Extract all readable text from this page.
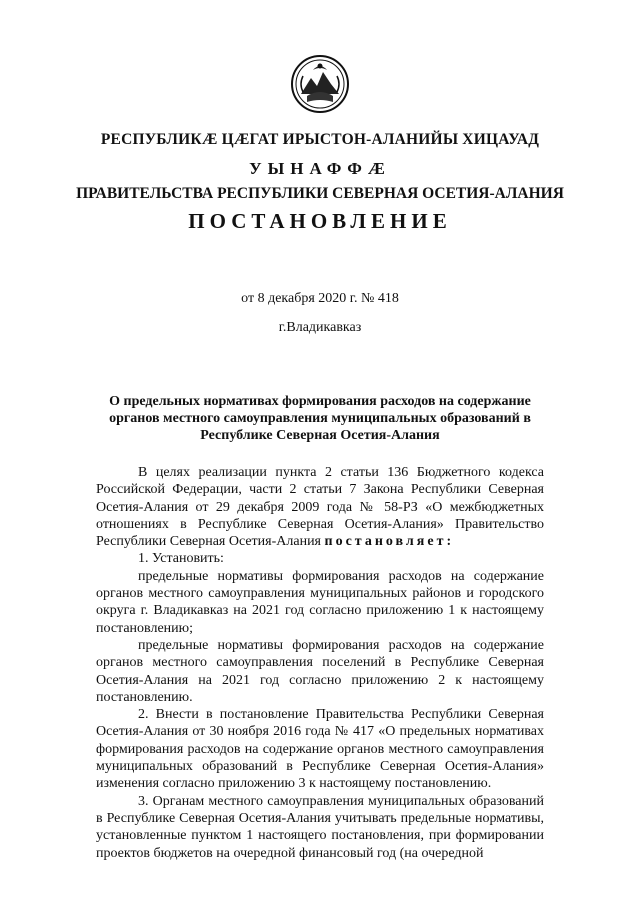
РЕСПУБЛИКӔ ЦӔГАТ ИРЫСТОН-АЛАНИЙЫ ХИЦАУАД
УЫНАФФӔ
ПРАВИТЕЛЬСТВА РЕСПУБЛИКИ СЕВЕРНАЯ ОСЕТИЯ-АЛАНИЯ
ПОСТАНОВЛЕНИЕ
от 8 декабря 2020 г. № 418
г.Владикавказ
О предельных нормативах формирования расходов на содержание органов местного самоуправления муниципальных образований в Республике Северная Осетия-Алания

В целях реализации пункта 2 статьи 136 Бюджетного кодекса Российской Федерации, части 2 статьи 7 Закона Республики Северная Осетия-Алания от 29 декабря 2009 года № 58-РЗ «О межбюджетных отношениях в Республике Северная Осетия-Алания» Правительство Республики Северная Осетия-Алания постановляет:

1. Установить:

предельные нормативы формирования расходов на содержание органов местного самоуправления муниципальных районов и городского округа г. Владикавказ на 2021 год согласно приложению 1 к настоящему постановлению;

предельные нормативы формирования расходов на содержание органов местного самоуправления поселений в Республике Северная Осетия-Алания на 2021 год согласно приложению 2 к настоящему постановлению.

2. Внести в постановление Правительства Республики Северная Осетия-Алания от 30 ноября 2016 года № 417 «О предельных нормативах формирования расходов на содержание органов местного самоуправления муниципальных образований в Республике Северная Осетия-Алания» изменения согласно приложению 3 к настоящему постановлению.

3. Органам местного самоуправления муниципальных образований в Республике Северная Осетия-Алания учитывать предельные нормативы, установленные пунктом 1 настоящего постановления, при формировании проектов бюджетов на очередной финансовый год (на очередной
